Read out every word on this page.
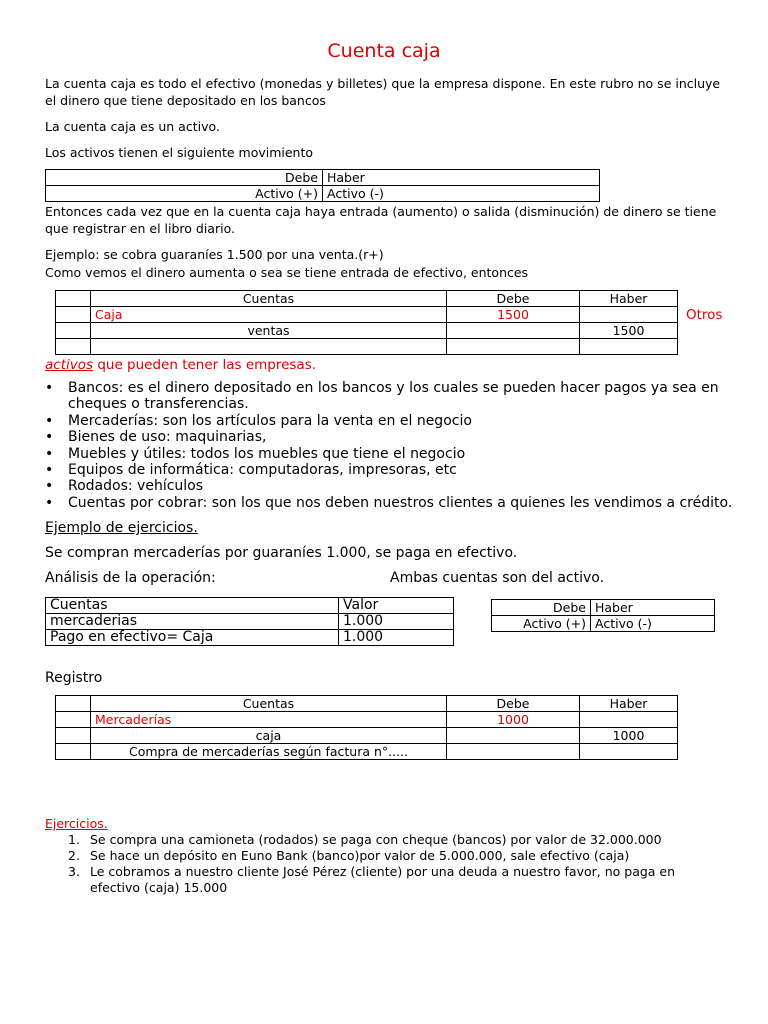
Cuenta caja
La cuenta caja es todo el efectivo (monedas y billetes) que la empresa dispone. En este rubro no se incluye el dinero que tiene depositado en los bancos
La cuenta caja es un activo.
Los activos tienen el siguiente movimiento
Debe	Haber
Activo (+)	Activo (-)
Entonces cada vez que en la cuenta caja haya entrada (aumento) o salida (disminución) de dinero se tiene que registrar en el libro diario.
Ejemplo: se cobra guaraníes 1.500 por una venta.(r+)
Como vemos el dinero aumenta o sea se tiene entrada de efectivo, entonces
	Cuentas	Debe	Haber
	Caja	1500	
	ventas		1500

Otros
activos que pueden tener las empresas.
• Bancos: es el dinero depositado en los bancos y los cuales se pueden hacer pagos ya sea en cheques o transferencias.
• Mercaderías: son los artículos para la venta en el negocio
• Bienes de uso: maquinarias,
• Muebles y útiles: todos los muebles que tiene el negocio
• Equipos de informática: computadoras, impresoras, etc
• Rodados: vehículos
• Cuentas por cobrar: son los que nos deben nuestros clientes a quienes les vendimos a crédito.
Ejemplo de ejercicios.
Se compran mercaderías por guaraníes 1.000, se paga en efectivo.
Análisis de la operación:	Ambas cuentas son del activo.
Cuentas	Valor
mercaderias	1.000
Pago en efectivo= Caja	1.000
Debe	Haber
Activo (+)	Activo (-)
Registro
	Cuentas	Debe	Haber
	Mercaderías	1000	
	caja		1000
	Compra de mercaderías según factura n°.....		
Ejercicios.
1. Se compra una camioneta (rodados) se paga con cheque (bancos) por valor de 32.000.000
2. Se hace un depósito en Euno Bank (banco)por valor de 5.000.000, sale efectivo (caja)
3. Le cobramos a nuestro cliente José Pérez (cliente) por una deuda a nuestro favor, no paga en efectivo (caja) 15.000
